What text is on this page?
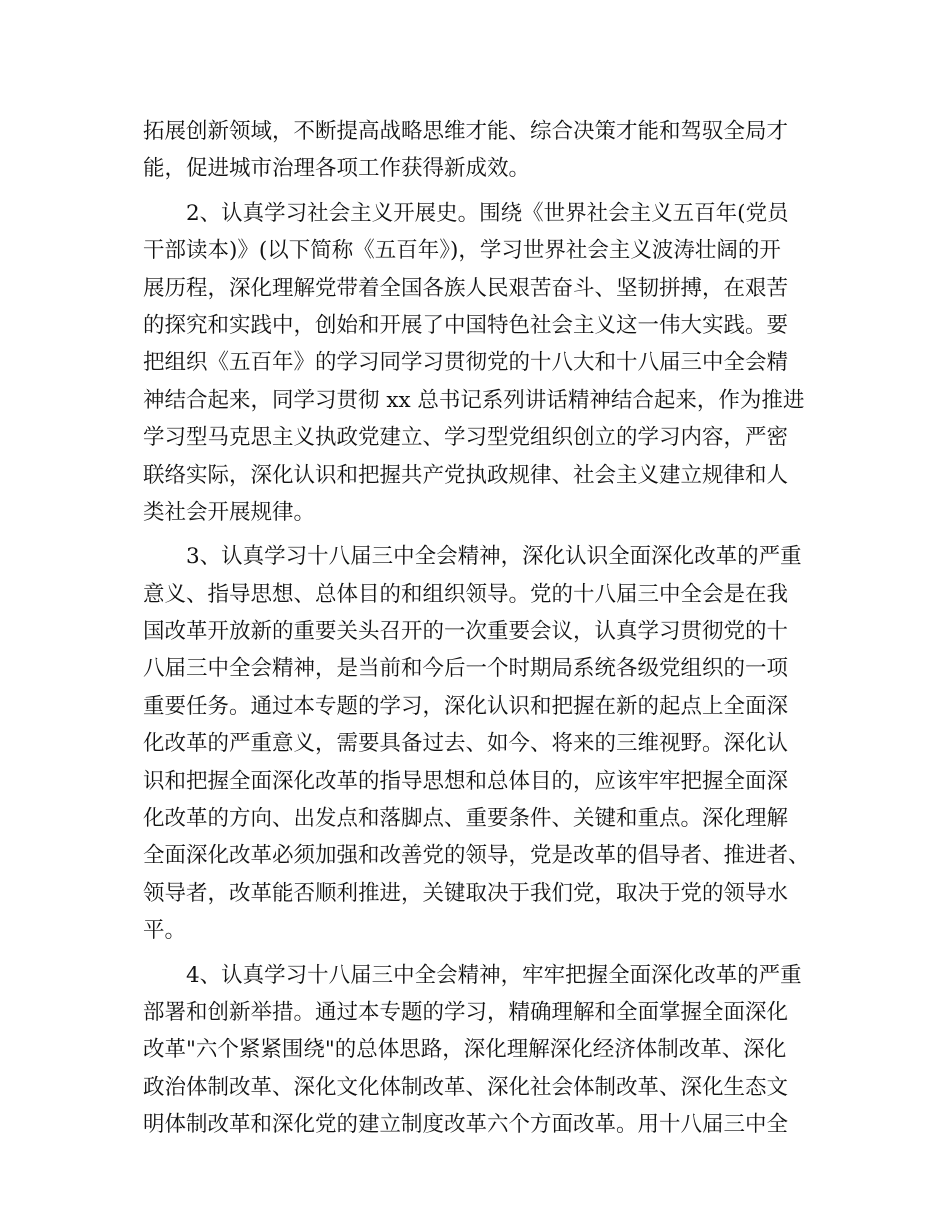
拓展创新领域，不断提高战略思维才能、综合决策才能和驾驭全局才
能，促进城市治理各项工作获得新成效。
2、认真学习社会主义开展史。围绕《世界社会主义五百年(党员
干部读本)》(以下简称《五百年》)，学习世界社会主义波涛壮阔的开
展历程，深化理解党带着全国各族人民艰苦奋斗、坚韧拼搏，在艰苦
的探究和实践中，创始和开展了中国特色社会主义这一伟大实践。要
把组织《五百年》的学习同学习贯彻党的十八大和十八届三中全会精
神结合起来，同学习贯彻 xx 总书记系列讲话精神结合起来，作为推进
学习型马克思主义执政党建立、学习型党组织创立的学习内容，严密
联络实际，深化认识和把握共产党执政规律、社会主义建立规律和人
类社会开展规律。
3、认真学习十八届三中全会精神，深化认识全面深化改革的严重
意义、指导思想、总体目的和组织领导。党的十八届三中全会是在我
国改革开放新的重要关头召开的一次重要会议，认真学习贯彻党的十
八届三中全会精神，是当前和今后一个时期局系统各级党组织的一项
重要任务。通过本专题的学习，深化认识和把握在新的起点上全面深
化改革的严重意义，需要具备过去、如今、将来的三维视野。深化认
识和把握全面深化改革的指导思想和总体目的，应该牢牢把握全面深
化改革的方向、出发点和落脚点、重要条件、关键和重点。深化理解
全面深化改革必须加强和改善党的领导，党是改革的倡导者、推进者、
领导者，改革能否顺利推进，关键取决于我们党，取决于党的领导水
平。
4、认真学习十八届三中全会精神，牢牢把握全面深化改革的严重
部署和创新举措。通过本专题的学习，精确理解和全面掌握全面深化
改革"六个紧紧围绕"的总体思路，深化理解深化经济体制改革、深化
政治体制改革、深化文化体制改革、深化社会体制改革、深化生态文
明体制改革和深化党的建立制度改革六个方面改革。用十八届三中全
